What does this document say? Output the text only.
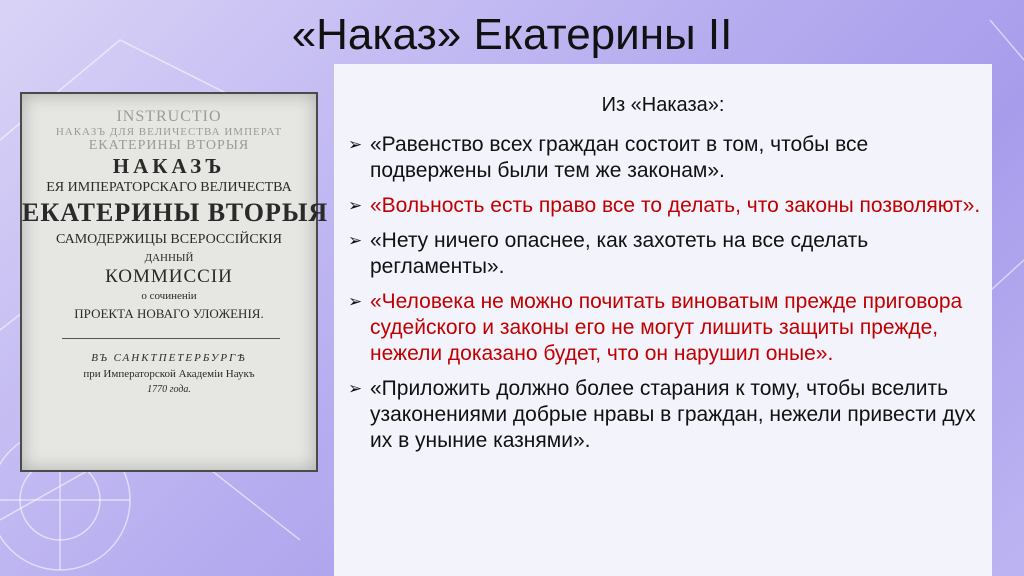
«Наказ» Екатерины II
INSTRUCTIO
НАКАЗЪ ДЛЯ ВЕЛИЧЕСТВА ИМПЕРАТ
ЕКАТЕРИНЫ ВТОРЫЯ
НАКАЗЪ
ЕЯ ИМПЕРАТОРСКАГО ВЕЛИЧЕСТВА
ЕКАТЕРИНЫ ВТОРЫЯ
САМОДЕРЖИЦЫ ВСЕРОССІЙСКІЯ
ДАННЫЙ
КОММИССІИ
о сочиненіи
ПРОЕКТА НОВАГО УЛОЖЕНІЯ.
ВЪ САНКТПЕТЕРБУРГѢ
при Императорской Академіи Наукъ
1770 года.
Из «Наказа»:
➢ «Равенство всех граждан состоит в том, чтобы все подвержены были тем же законам».
➢ «Вольность есть право все то делать, что законы позволяют».
➢ «Нету ничего опаснее, как захотеть на все сделать регламенты».
➢ «Человека не можно почитать виноватым прежде приговора судейского и законы его не могут лишить защиты прежде, нежели доказано будет, что он нарушил оные».
➢ «Приложить должно более старания к тому, чтобы вселить узаконениями добрые нравы в граждан, нежели привести дух их в уныние казнями».
